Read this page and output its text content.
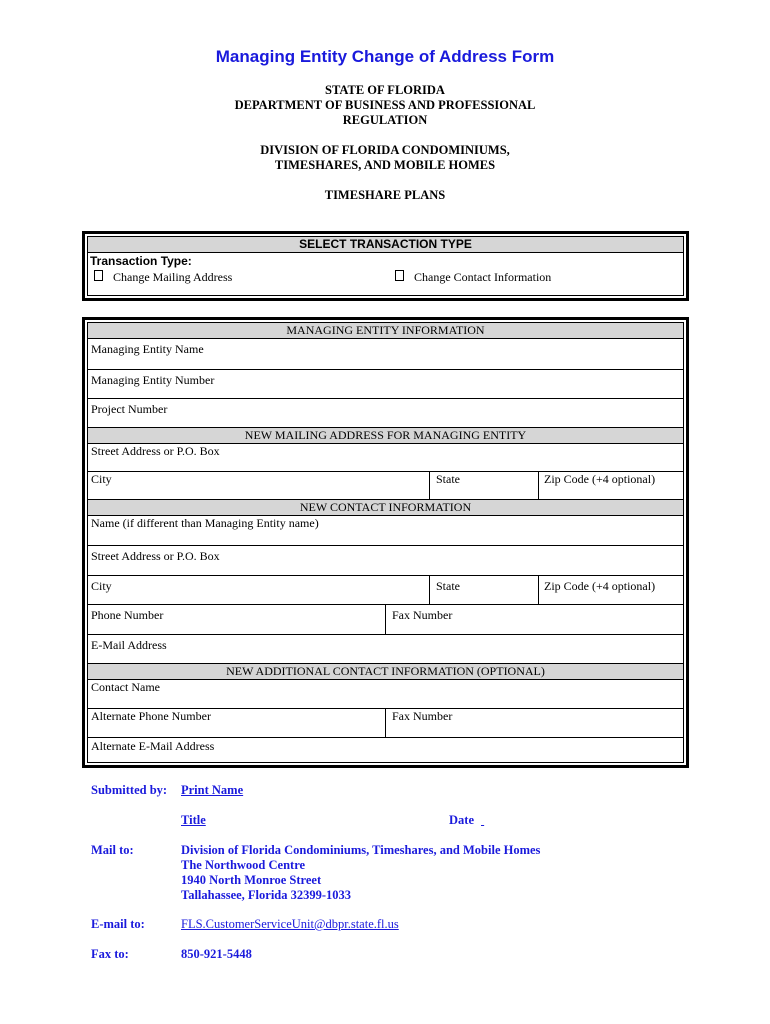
Managing Entity Change of Address Form
STATE OF FLORIDA
DEPARTMENT OF BUSINESS AND PROFESSIONAL
REGULATION
DIVISION OF FLORIDA CONDOMINIUMS,
TIMESHARES, AND MOBILE HOMES
TIMESHARE PLANS
SELECT TRANSACTION TYPE
Transaction Type:
Change Mailing Address	Change Contact Information
MANAGING ENTITY INFORMATION
Managing Entity Name
Managing Entity Number
Project Number
NEW MAILING ADDRESS FOR MANAGING ENTITY
Street Address or P.O. Box
City	State	Zip Code (+4 optional)
NEW CONTACT INFORMATION
Name (if different than Managing Entity name)
Street Address or P.O. Box
City	State	Zip Code (+4 optional)
Phone Number	Fax Number
E-Mail Address
NEW ADDITIONAL CONTACT INFORMATION (OPTIONAL)
Contact Name
Alternate Phone Number	Fax Number
Alternate E-Mail Address
Submitted by: Print Name
Title	Date

Mail to:	Division of Florida Condominiums, Timeshares, and Mobile Homes
The Northwood Centre
1940 North Monroe Street
Tallahassee, Florida 32399-1033
E-mail to:	FLS.CustomerServiceUnit@dbpr.state.fl.us
Fax to:	850-921-5448
